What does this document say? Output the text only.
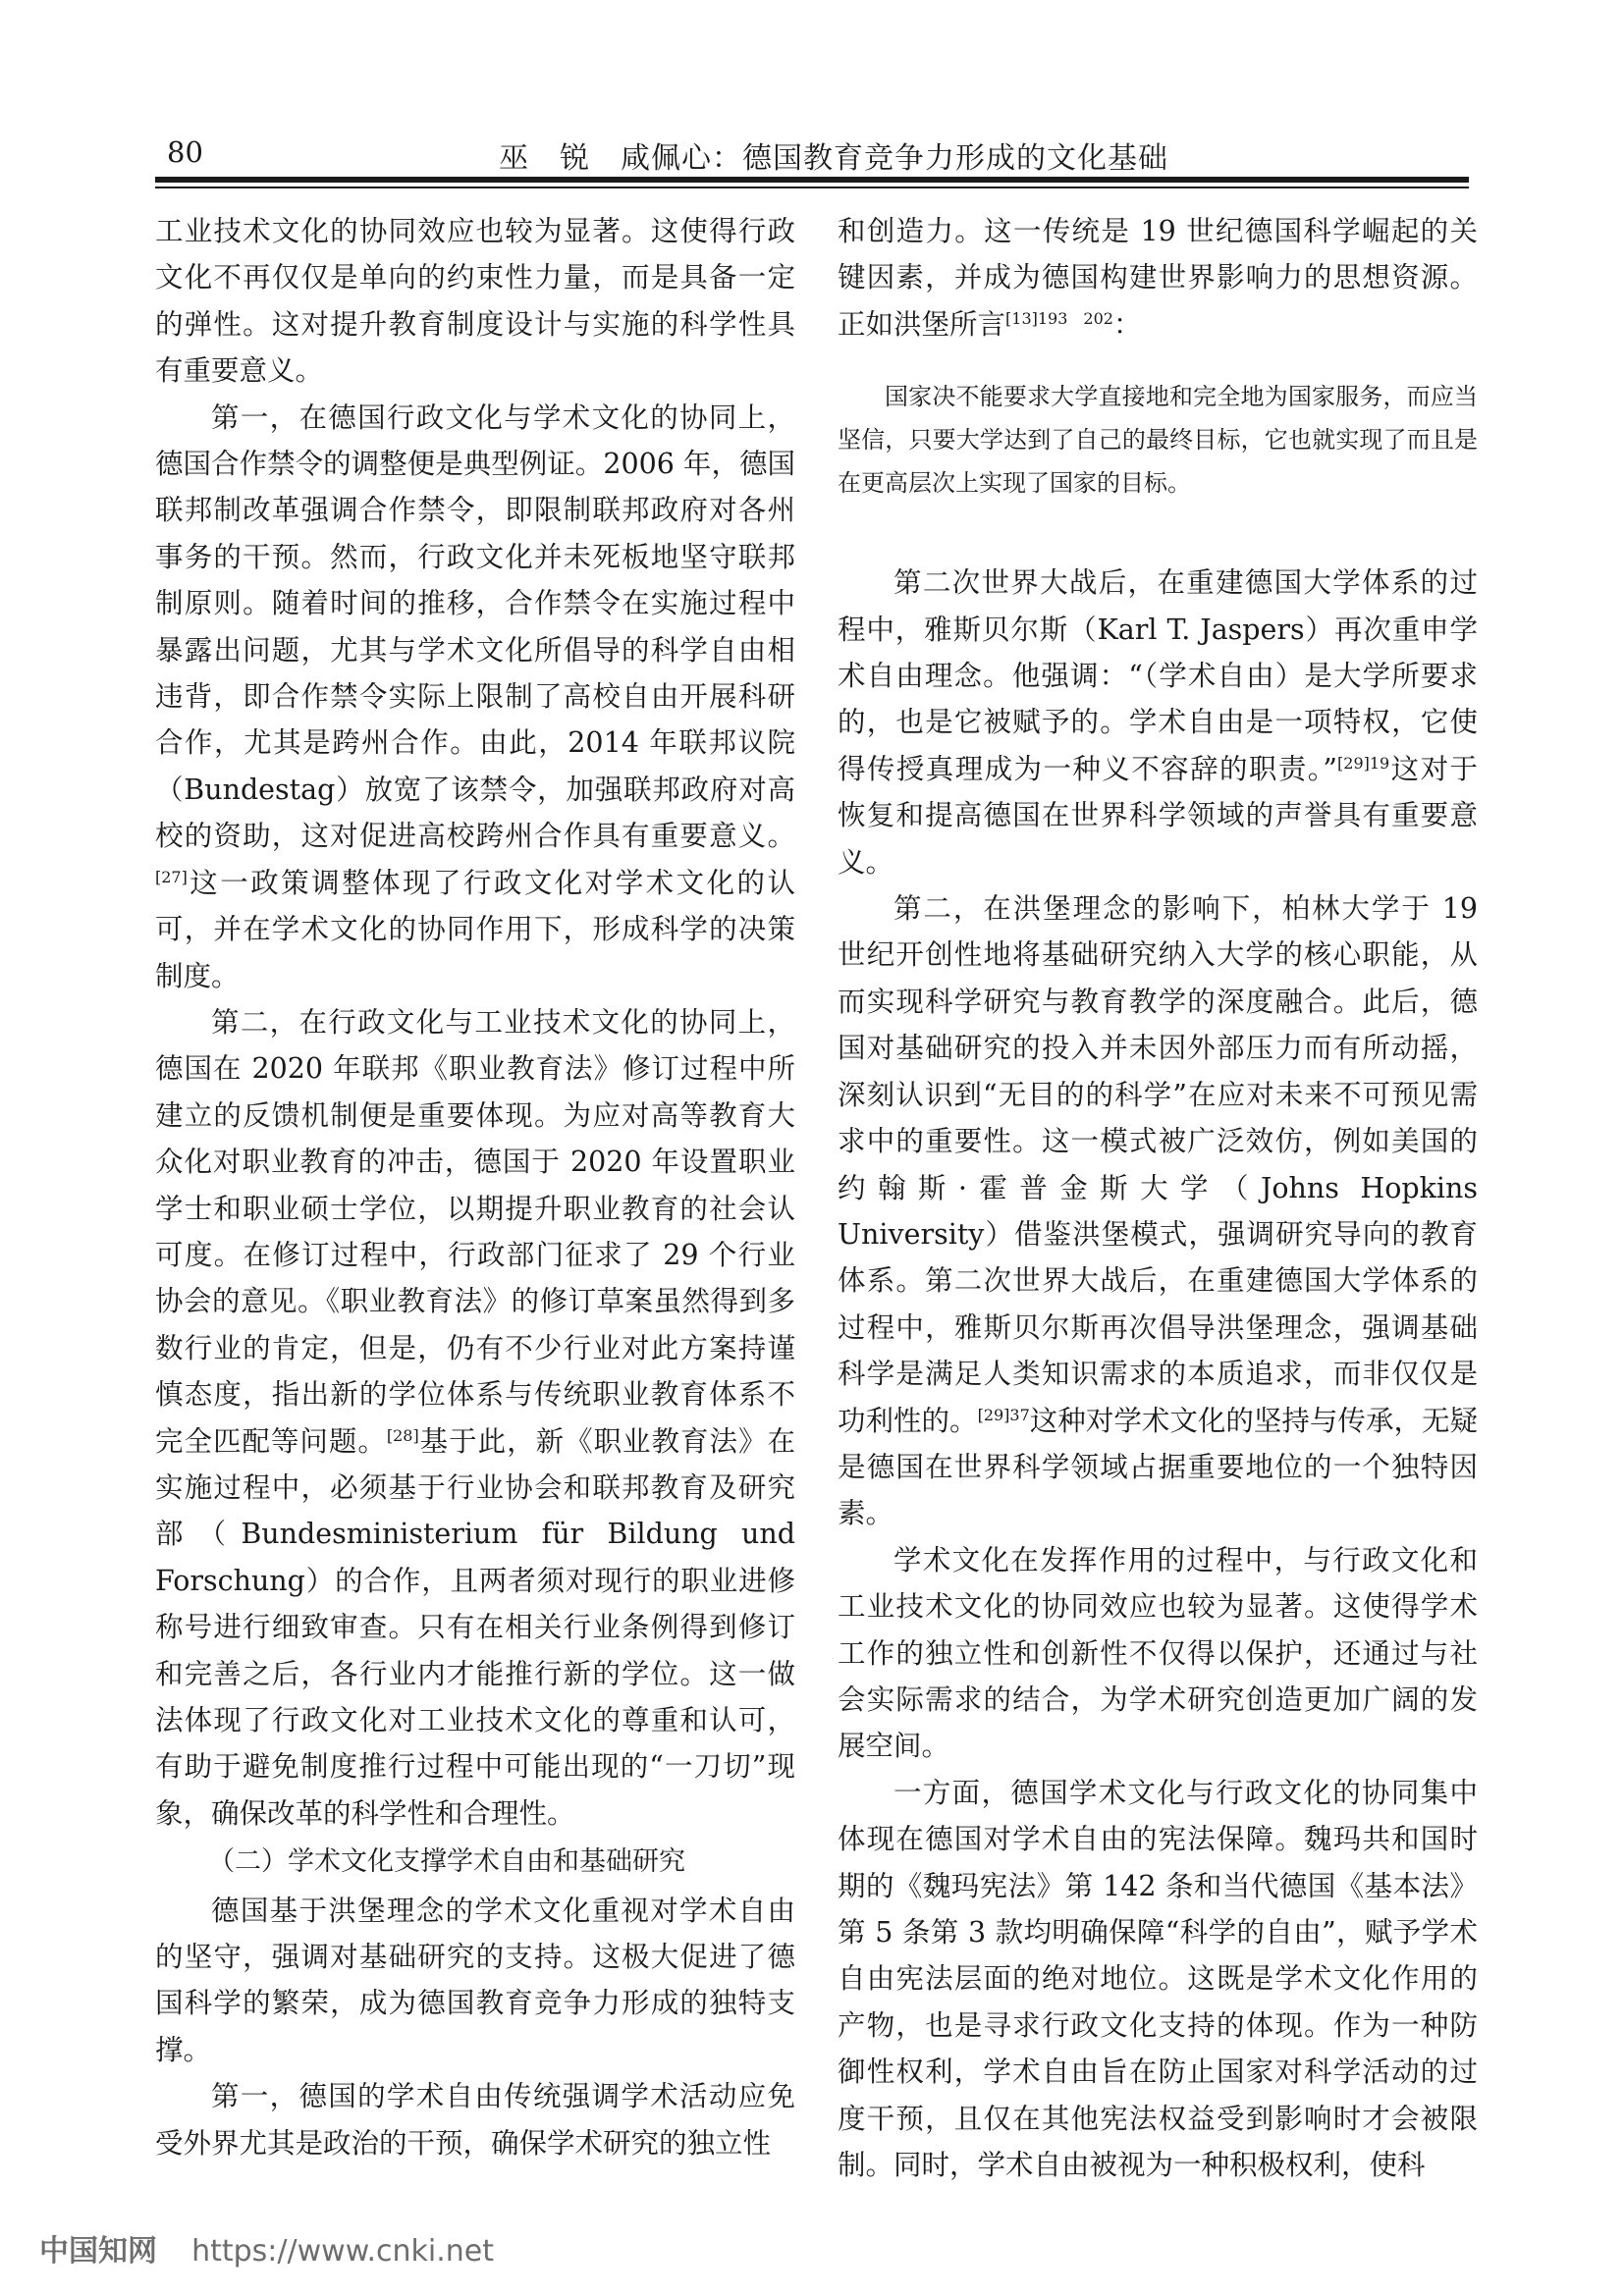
80	巫　锐　咸佩心：德国教育竞争力形成的文化基础

工业技术文化的协同效应也较为显著。这使得行政文化不再仅仅是单向的约束性力量，而是具备一定的弹性。这对提升教育制度设计与实施的科学性具有重要意义。

第一，在德国行政文化与学术文化的协同上，德国合作禁令的调整便是典型例证。2006 年，德国联邦制改革强调合作禁令，即限制联邦政府对各州事务的干预。然而，行政文化并未死板地坚守联邦制原则。随着时间的推移，合作禁令在实施过程中暴露出问题，尤其与学术文化所倡导的科学自由相违背，即合作禁令实际上限制了高校自由开展科研合作，尤其是跨州合作。由此，2014 年联邦议院（Bundestag）放宽了该禁令，加强联邦政府对高校的资助，这对促进高校跨州合作具有重要意义。[27]这一政策调整体现了行政文化对学术文化的认可，并在学术文化的协同作用下，形成科学的决策制度。

第二，在行政文化与工业技术文化的协同上，德国在 2020 年联邦《职业教育法》修订过程中所建立的反馈机制便是重要体现。为应对高等教育大众化对职业教育的冲击，德国于 2020 年设置职业学士和职业硕士学位，以期提升职业教育的社会认可度。在修订过程中，行政部门征求了 29 个行业协会的意见。《职业教育法》的修订草案虽然得到多数行业的肯定，但是，仍有不少行业对此方案持谨慎态度，指出新的学位体系与传统职业教育体系不完全匹配等问题。[28]基于此，新《职业教育法》在实施过程中，必须基于行业协会和联邦教育及研究部（Bundesministerium für Bildung und Forschung）的合作，且两者须对现行的职业进修称号进行细致审查。只有在相关行业条例得到修订和完善之后，各行业内才能推行新的学位。这一做法体现了行政文化对工业技术文化的尊重和认可，有助于避免制度推行过程中可能出现的“一刀切”现象，确保改革的科学性和合理性。

（二）学术文化支撑学术自由和基础研究

德国基于洪堡理念的学术文化重视对学术自由的坚守，强调对基础研究的支持。这极大促进了德国科学的繁荣，成为德国教育竞争力形成的独特支撑。

第一，德国的学术自由传统强调学术活动应免受外界尤其是政治的干预，确保学术研究的独立性

和创造力。这一传统是 19 世纪德国科学崛起的关键因素，并成为德国构建世界影响力的思想资源。正如洪堡所言$^{[13]193 202}$：

国家决不能要求大学直接地和完全地为国家服务，而应当坚信，只要大学达到了自己的最终目标，它也就实现了而且是在更高层次上实现了国家的目标。

第二次世界大战后，在重建德国大学体系的过程中，雅斯贝尔斯（Karl T. Jaspers）再次重申学术自由理念。他强调：“（学术自由）是大学所要求的，也是它被赋予的。学术自由是一项特权，它使得传授真理成为一种义不容辞的职责。”$^{[29]19}$这对于恢复和提高德国在世界科学领域的声誉具有重要意义。

第二，在洪堡理念的影响下，柏林大学于 19 世纪开创性地将基础研究纳入大学的核心职能，从而实现科学研究与教育教学的深度融合。此后，德国对基础研究的投入并未因外部压力而有所动摇，深刻认识到“无目的的科学”在应对未来不可预见需求中的重要性。这一模式被广泛效仿，例如美国的约翰斯·霍普金斯大学（Johns Hopkins University）借鉴洪堡模式，强调研究导向的教育体系。第二次世界大战后，在重建德国大学体系的过程中，雅斯贝尔斯再次倡导洪堡理念，强调基础科学是满足人类知识需求的本质追求，而非仅仅是功利性的。$^{[29]37}$这种对学术文化的坚持与传承，无疑是德国在世界科学领域占据重要地位的一个独特因素。

学术文化在发挥作用的过程中，与行政文化和工业技术文化的协同效应也较为显著。这使得学术工作的独立性和创新性不仅得以保护，还通过与社会实际需求的结合，为学术研究创造更加广阔的发展空间。

一方面，德国学术文化与行政文化的协同集中体现在德国对学术自由的宪法保障。魏玛共和国时期的《魏玛宪法》第 142 条和当代德国《基本法》第 5 条第 3 款均明确保障“科学的自由”，赋予学术自由宪法层面的绝对地位。这既是学术文化作用的产物，也是寻求行政文化支持的体现。作为一种防御性权利，学术自由旨在防止国家对科学活动的过度干预，且仅在其他宪法权益受到影响时才会被限制。同时，学术自由被视为一种积极权利，使科

中国知网 https://www.cnki.net
